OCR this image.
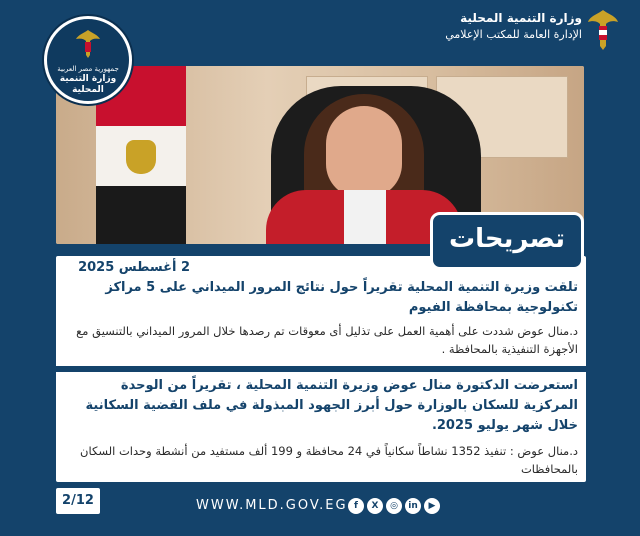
وزارة التنمية المحلية
الإدارة العامة للمكتب الإعلامي
جمهورية مصر العربية
وزارة التنمية المحلية
تصريحات
2 أغسطس 2025
تلقت وزيرة التنمية المحلية تقريراً حول نتائج المرور الميداني على 5 مراكز تكنولوجية بمحافظة الفيوم
د.منال عوض شددت على أهمية العمل على تذليل أى معوقات تم رصدها خلال المرور الميداني بالتنسيق مع الأجهزة التنفيذية بالمحافظة .
استعرضت الدكتورة منال عوض وزيرة التنمية المحلية ، تقريراً من الوحدة المركزية للسكان بالوزارة حول أبرز الجهود المبذولة في ملف القضية السكانية خلال شهر يوليو 2025.
د.منال عوض : تنفيذ 1352 نشاطاً سكانياً في 24 محافظة و 199 ألف مستفيد من أنشطة وحدات السكان بالمحافظات
2/12	WWW.MLD.GOV.EG f	X	◎	in	▶
